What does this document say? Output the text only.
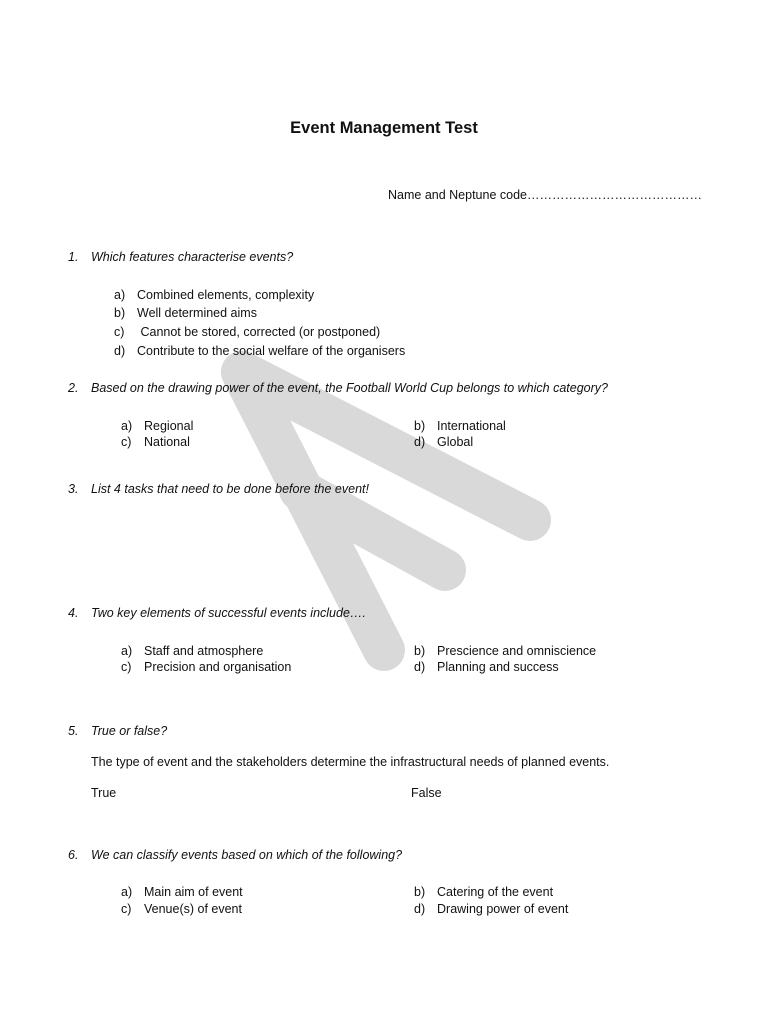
Event Management Test
Name and Neptune code……………………………………
1. Which features characterise events?
a) Combined elements, complexity
b) Well determined aims
c) Cannot be stored, corrected (or postponed)
d) Contribute to the social welfare of the organisers
2. Based on the drawing power of the event, the Football World Cup belongs to which category?
a) Regional	b) International
c) National	d) Global
3. List 4 tasks that need to be done before the event!
4. Two key elements of successful events include….
a) Staff and atmosphere	b) Prescience and omniscience
c) Precision and organisation	d) Planning and success
5. True or false?
The type of event and the stakeholders determine the infrastructural needs of planned events.
True	False
6. We can classify events based on which of the following?
a) Main aim of event	b) Catering of the event
c) Venue(s) of event	d) Drawing power of event
